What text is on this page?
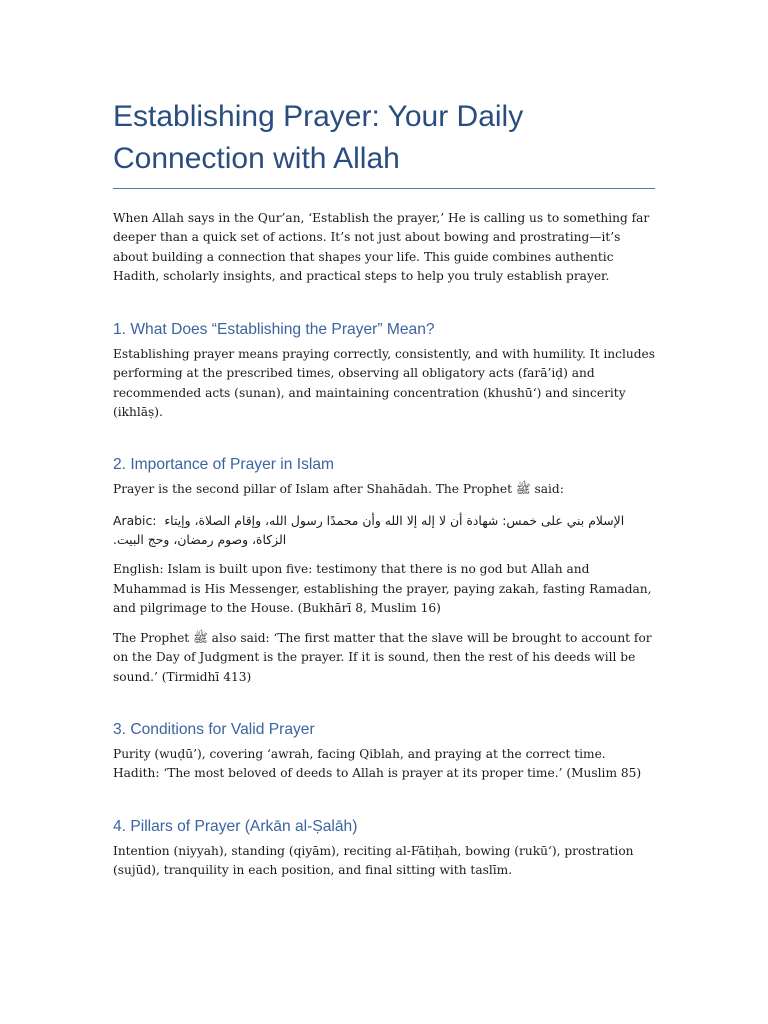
Establishing Prayer: Your Daily Connection with Allah

When Allah says in the Qur’an, ‘Establish the prayer,’ He is calling us to something far deeper than a quick set of actions. It’s not just about bowing and prostrating—it’s about building a connection that shapes your life. This guide combines authentic Hadith, scholarly insights, and practical steps to help you truly establish prayer.

1. What Does “Establishing the Prayer” Mean?

Establishing prayer means praying correctly, consistently, and with humility. It includes performing at the prescribed times, observing all obligatory acts (farā’iḍ) and recommended acts (sunan), and maintaining concentration (khushū‘) and sincerity (ikhlāṣ).

2. Importance of Prayer in Islam

Prayer is the second pillar of Islam after Shahādah. The Prophet ﷺ said:

Arabic: الإسلام بني على خمس: شهادة أن لا إله إلا الله وأن محمدًا رسول الله، وإقام الصلاة، وإيتاء الزكاة، وصوم رمضان، وحج البيت.

English: Islam is built upon five: testimony that there is no god but Allah and Muhammad is His Messenger, establishing the prayer, paying zakah, fasting Ramadan, and pilgrimage to the House. (Bukhārī 8, Muslim 16)

The Prophet ﷺ also said: ‘The first matter that the slave will be brought to account for on the Day of Judgment is the prayer. If it is sound, then the rest of his deeds will be sound.’ (Tirmidhī 413)

3. Conditions for Valid Prayer

Purity (wuḍū’), covering ‘awrah, facing Qiblah, and praying at the correct time. Hadith: ‘The most beloved of deeds to Allah is prayer at its proper time.’ (Muslim 85)

4. Pillars of Prayer (Arkān al-Ṣalāh)

Intention (niyyah), standing (qiyām), reciting al-Fātiḥah, bowing (rukū‘), prostration (sujūd), tranquility in each position, and final sitting with taslīm.
